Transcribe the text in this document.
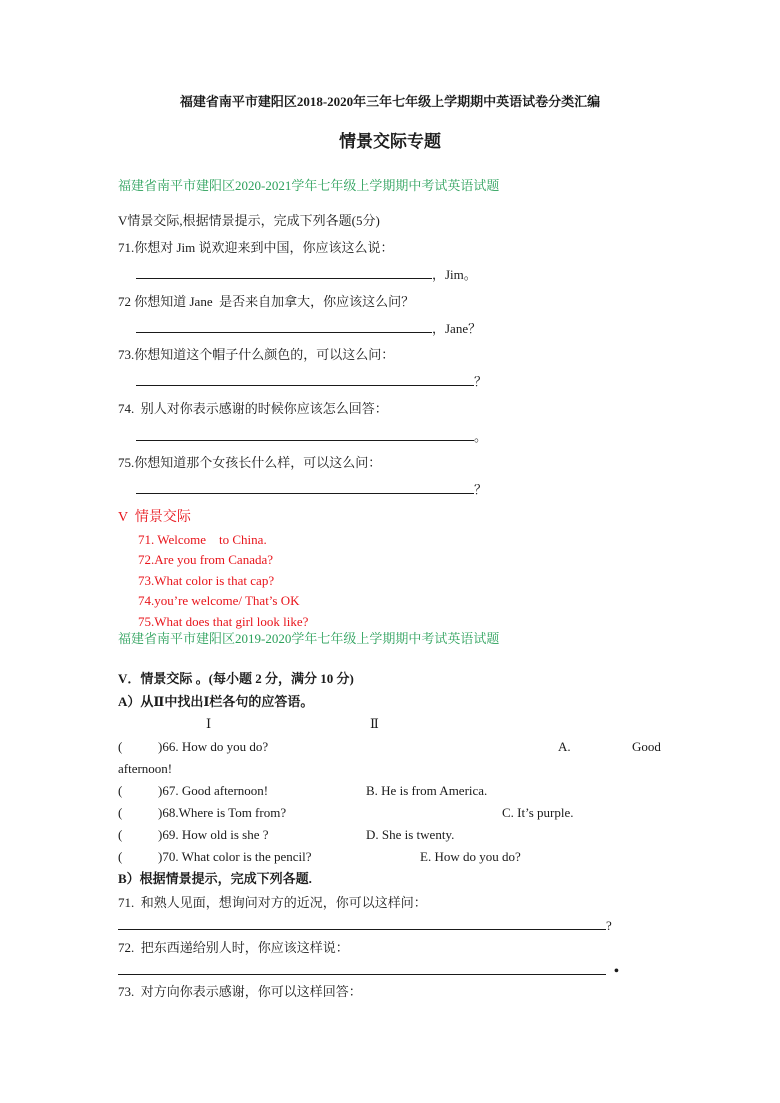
福建省南平市建阳区2018-2020年三年七年级上学期期中英语试卷分类汇编
情景交际专题
福建省南平市建阳区2020-2021学年七年级上学期期中考试英语试题
V情景交际,根据情景提示，完成下列各题(5分)
71.你想对 Jim 说欢迎来到中国，你应该这么说：
，Jim。
72 你想知道 Jane  是否来自加拿大，你应该这么问？
，Jane？
73.你想知道这个帽子什么颜色的，可以这么问：
？
74.  别人对你表示感谢的时候你应该怎么回答：
。
75.你想知道那个女孩长什么样，可以这么问：
？
V  情景交际
71. Welcome    to China.
72.Are you from Canada?
73.What color is that cap?
74.you’re welcome/ That’s OK
75.What does that girl look like?
福建省南平市建阳区2019-2020学年七年级上学期期中考试英语试题
V．情景交际 。(每小题 2 分，满分 10 分)
A）从Ⅱ中找出Ⅰ栏各句的应答语。
Ⅰ	Ⅱ
(	)66. How do you do?	A.	Good
afternoon!
(	)67. Good afternoon!	B. He is from America.
(	)68.Where is Tom from?	C. It’s purple.
(	)69. How old is she ?	D. She is twenty.
(	)70. What color is the pencil?	E. How do you do?
B）根据情景提示，完成下列各题.
71.  和熟人见面，想询问对方的近况，你可以这样问：
?
72.  把东西递给别人时，你应该这样说：
•
73.  对方向你表示感谢，你可以这样回答：
